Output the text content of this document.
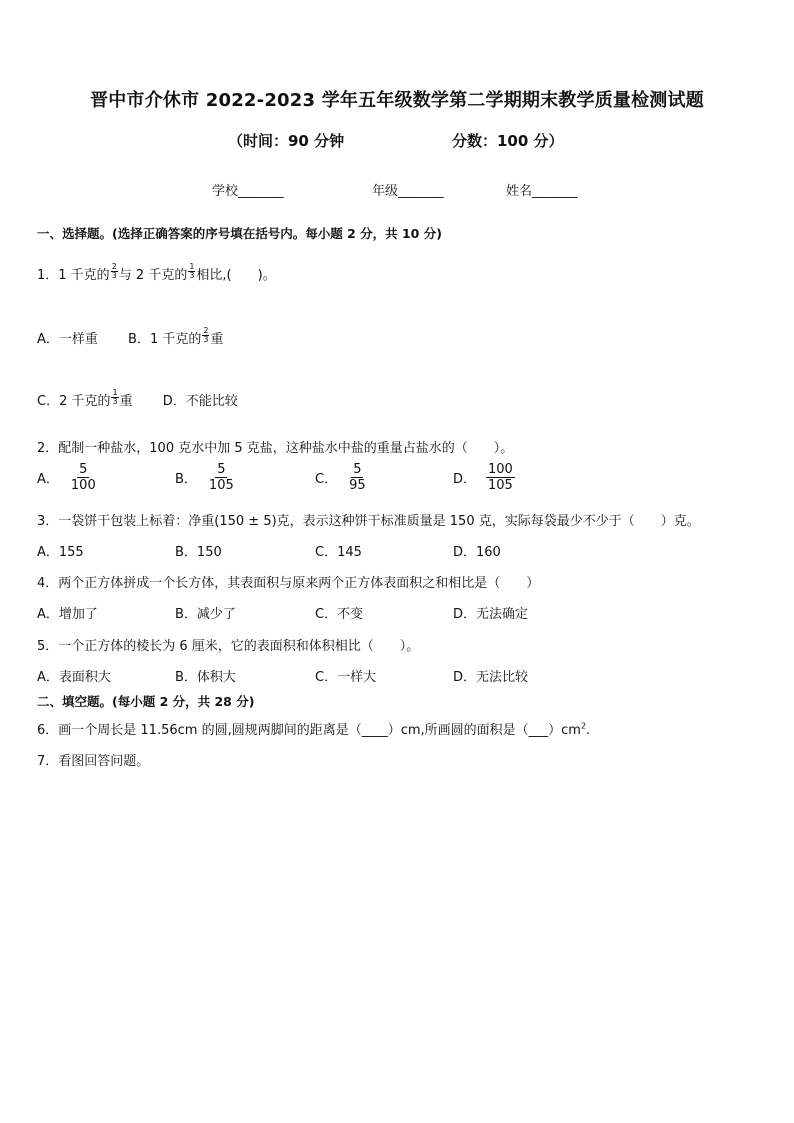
晋中市介休市 2022-2023 学年五年级数学第二学期期末教学质量检测试题
（时间：90 分钟	分数：100 分）
学校_______	年级_______	姓名_______
一、选择题。(选择正确答案的序号填在括号内。每小题 2 分，共 10 分)
1．1 千克的 $\frac{2}{3}$ 与 2 千克的 $\frac{1}{3}$ 相比,(　　)。
A．一样重 B．1 千克的 $\frac{2}{3}$ 重
C．2 千克的 $\frac{1}{3}$ 重 D．不能比较
2．配制一种盐水，100 克水中加 5 克盐，这种盐水中盐的重量占盐水的（　　）。
A． $\frac{5}{100}$	B． $\frac{5}{105}$	C． $\frac{5}{95}$	D． $\frac{100}{105}$
3．一袋饼干包装上标着：净重(150 ± 5)克，表示这种饼干标准质量是 150 克，实际每袋最少不少于（　　）克。
A．155	B．150	C．145	D．160
4．两个正方体拼成一个长方体，其表面积与原来两个正方体表面积之和相比是（　　）
A．增加了	B．减少了	C．不变	D．无法确定
5．一个正方体的棱长为 6 厘米，它的表面积和体积相比（　　）。
A．表面积大	B．体积大	C．一样大	D．无法比较
二、填空题。(每小题 2 分，共 28 分)
6．画一个周长是 11.56cm 的圆,圆规两脚间的距离是（____）cm,所画圆的面积是$(\_\_\_)cm^2$.
7．看图回答问题。
